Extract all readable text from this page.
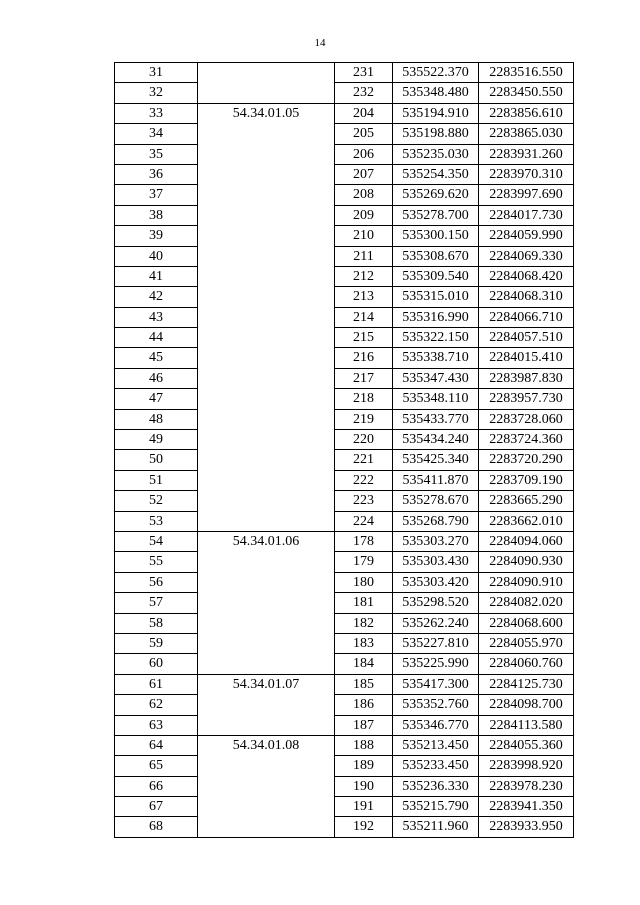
14
31		231	535522.370	2283516.550
32		232	535348.480	2283450.550
33	54.34.01.05	204	535194.910	2283856.610
34		205	535198.880	2283865.030
35		206	535235.030	2283931.260
36		207	535254.350	2283970.310
37		208	535269.620	2283997.690
38		209	535278.700	2284017.730
39		210	535300.150	2284059.990
40		211	535308.670	2284069.330
41		212	535309.540	2284068.420
42		213	535315.010	2284068.310
43		214	535316.990	2284066.710
44		215	535322.150	2284057.510
45		216	535338.710	2284015.410
46		217	535347.430	2283987.830
47		218	535348.110	2283957.730
48		219	535433.770	2283728.060
49		220	535434.240	2283724.360
50		221	535425.340	2283720.290
51		222	535411.870	2283709.190
52		223	535278.670	2283665.290
53		224	535268.790	2283662.010
54	54.34.01.06	178	535303.270	2284094.060
55		179	535303.430	2284090.930
56		180	535303.420	2284090.910
57		181	535298.520	2284082.020
58		182	535262.240	2284068.600
59		183	535227.810	2284055.970
60		184	535225.990	2284060.760
61	54.34.01.07	185	535417.300	2284125.730
62		186	535352.760	2284098.700
63		187	535346.770	2284113.580
64	54.34.01.08	188	535213.450	2284055.360
65		189	535233.450	2283998.920
66		190	535236.330	2283978.230
67		191	535215.790	2283941.350
68		192	535211.960	2283933.950
